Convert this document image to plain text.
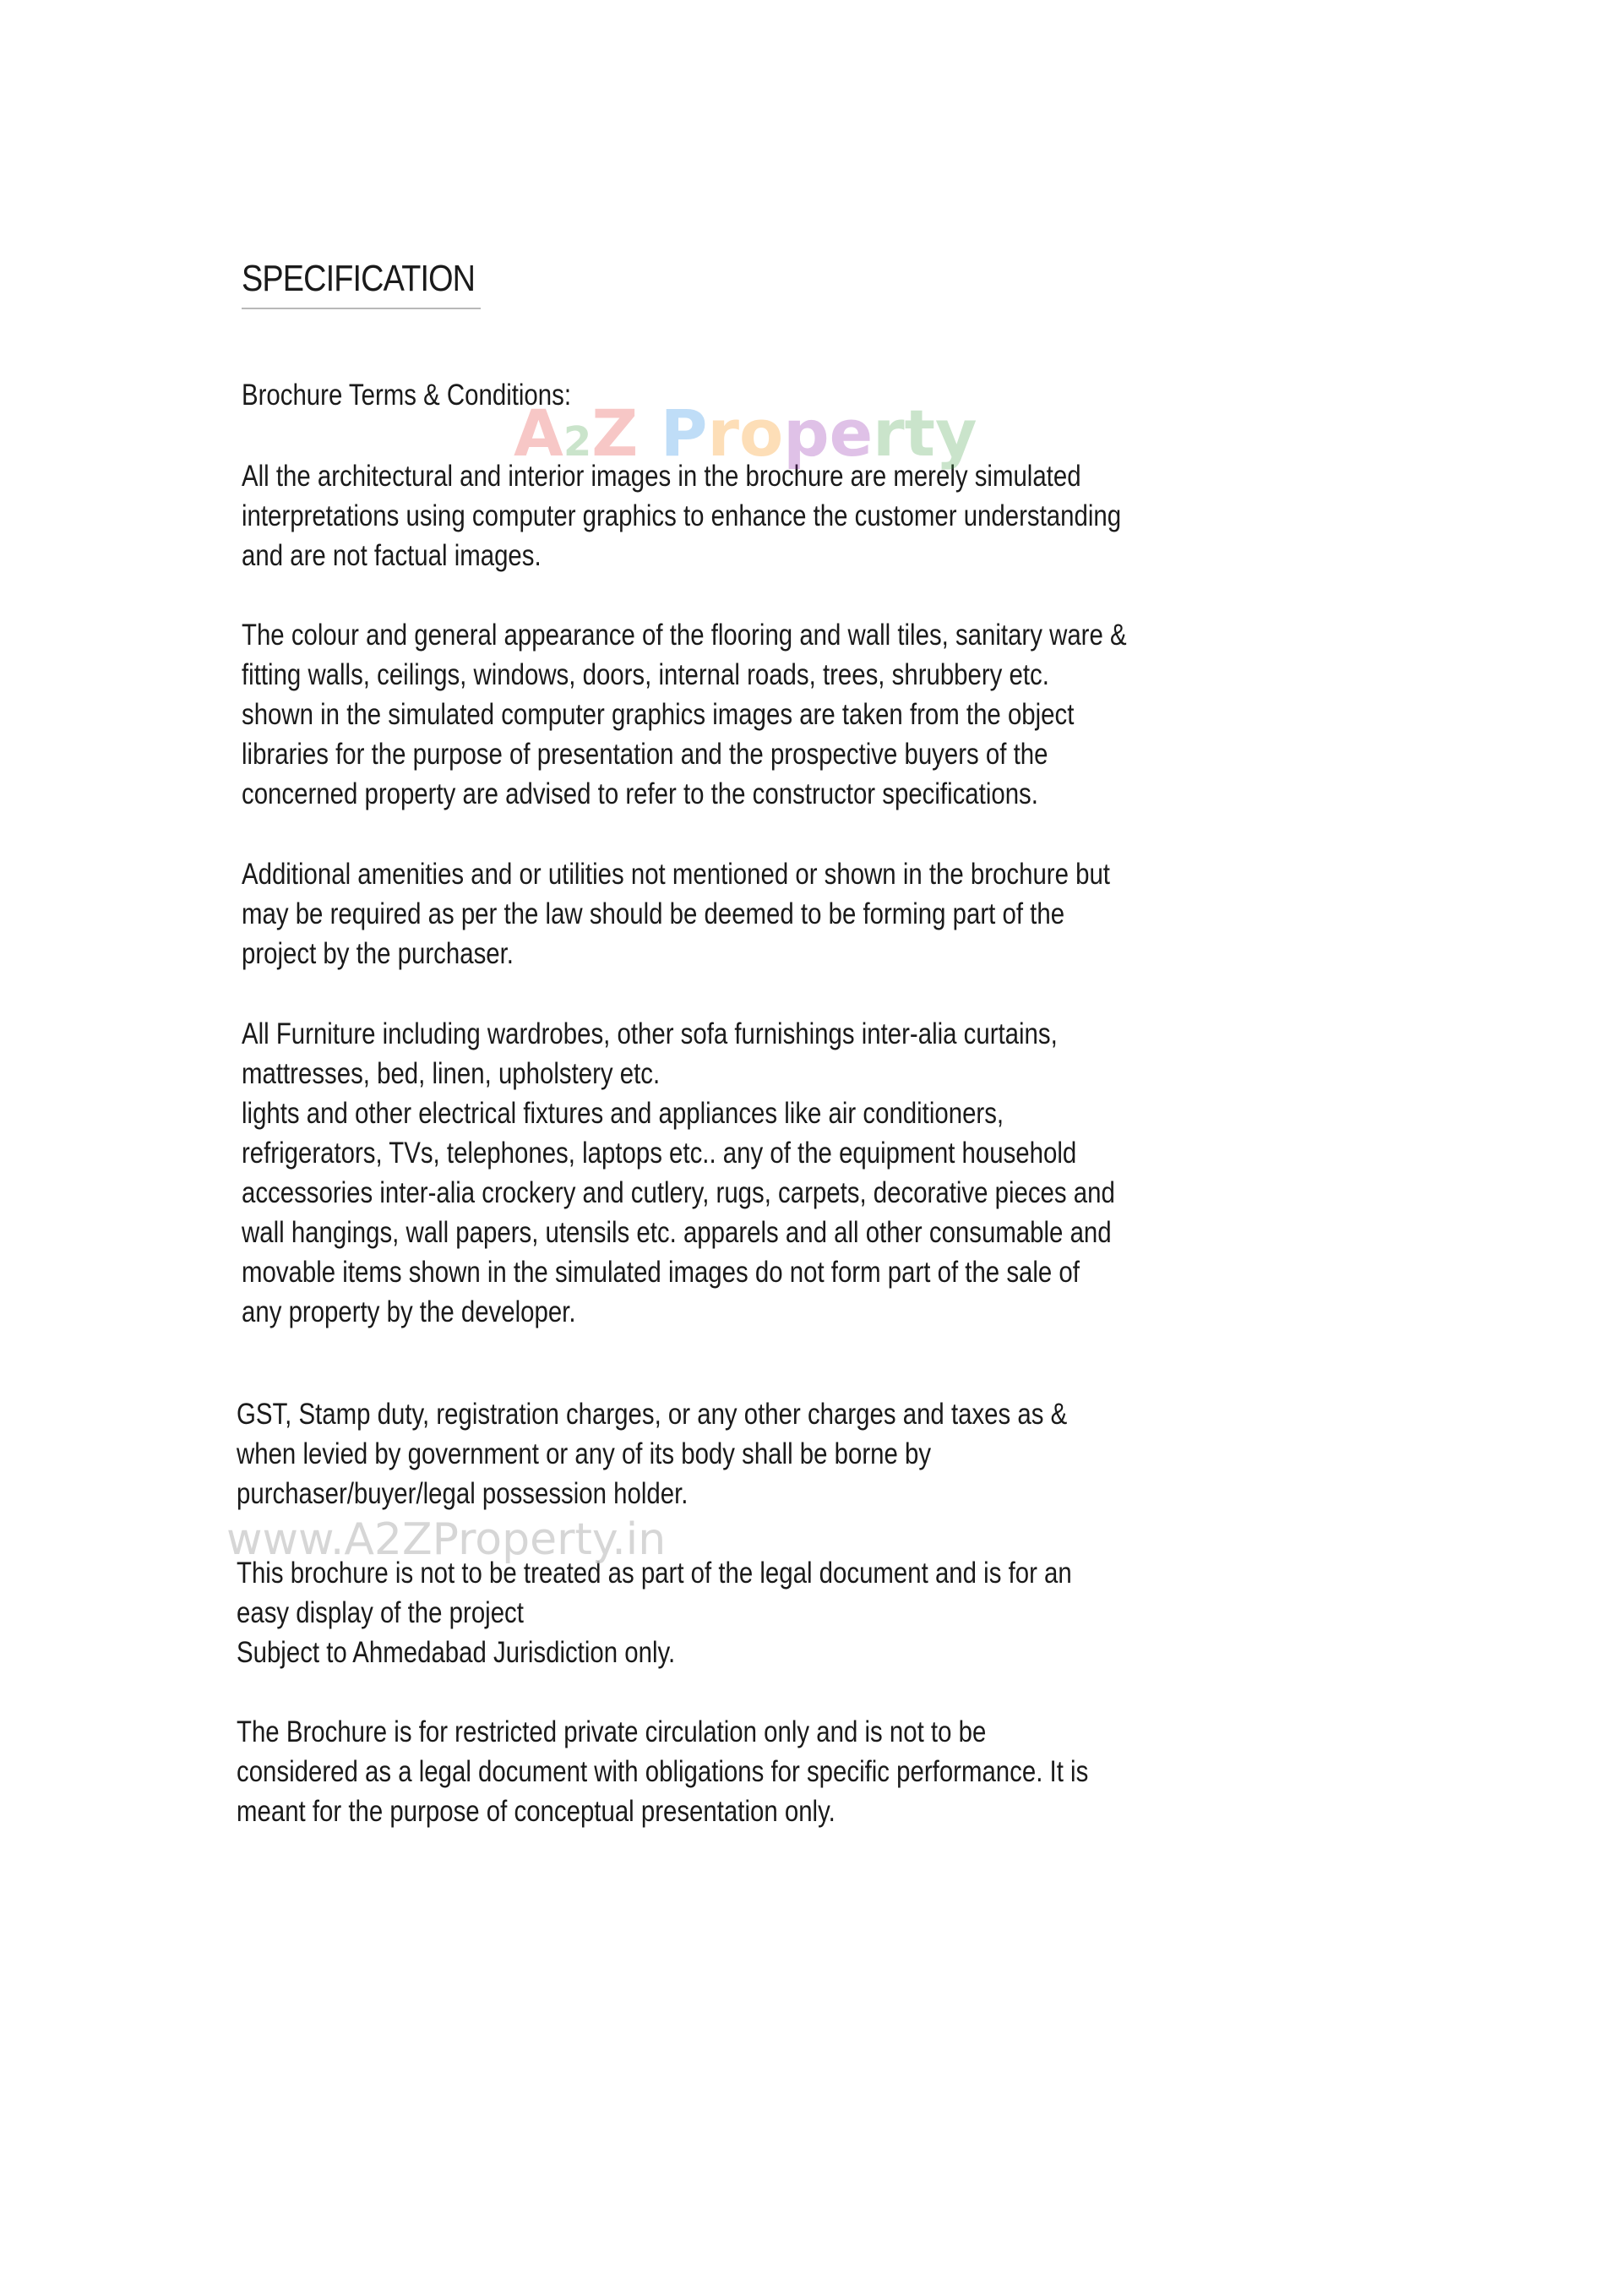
SPECIFICATION

Brochure Terms & Conditions:

All the architectural and interior images in the brochure are merely simulated
interpretations using computer graphics to enhance the customer understanding
and are not factual images.

The colour and general appearance of the flooring and wall tiles, sanitary ware &
fitting walls, ceilings, windows, doors, internal roads, trees, shrubbery etc.
shown in the simulated computer graphics images are taken from the object
libraries for the purpose of presentation and the prospective buyers of the
concerned property are advised to refer to the constructor specifications.

Additional amenities and or utilities not mentioned or shown in the brochure but
may be required as per the law should be deemed to be forming part of the
project by the purchaser.

All Furniture including wardrobes, other sofa furnishings inter-alia curtains,
mattresses, bed, linen, upholstery etc.
lights and other electrical fixtures and appliances like air conditioners,
refrigerators, TVs, telephones, laptops etc.. any of the equipment household
accessories inter-alia crockery and cutlery, rugs, carpets, decorative pieces and
wall hangings, wall papers, utensils etc. apparels and all other consumable and
movable items shown in the simulated images do not form part of the sale of
any property by the developer.

GST, Stamp duty, registration charges, or any other charges and taxes as &
when levied by government or any of its body shall be borne by
purchaser/buyer/legal possession holder.

This brochure is not to be treated as part of the legal document and is for an
easy display of the project
Subject to Ahmedabad Jurisdiction only.

The Brochure is for restricted private circulation only and is not to be
considered as a legal document with obligations for specific performance. It is
meant for the purpose of conceptual presentation only.

A2Z Property
www.A2ZProperty.in
